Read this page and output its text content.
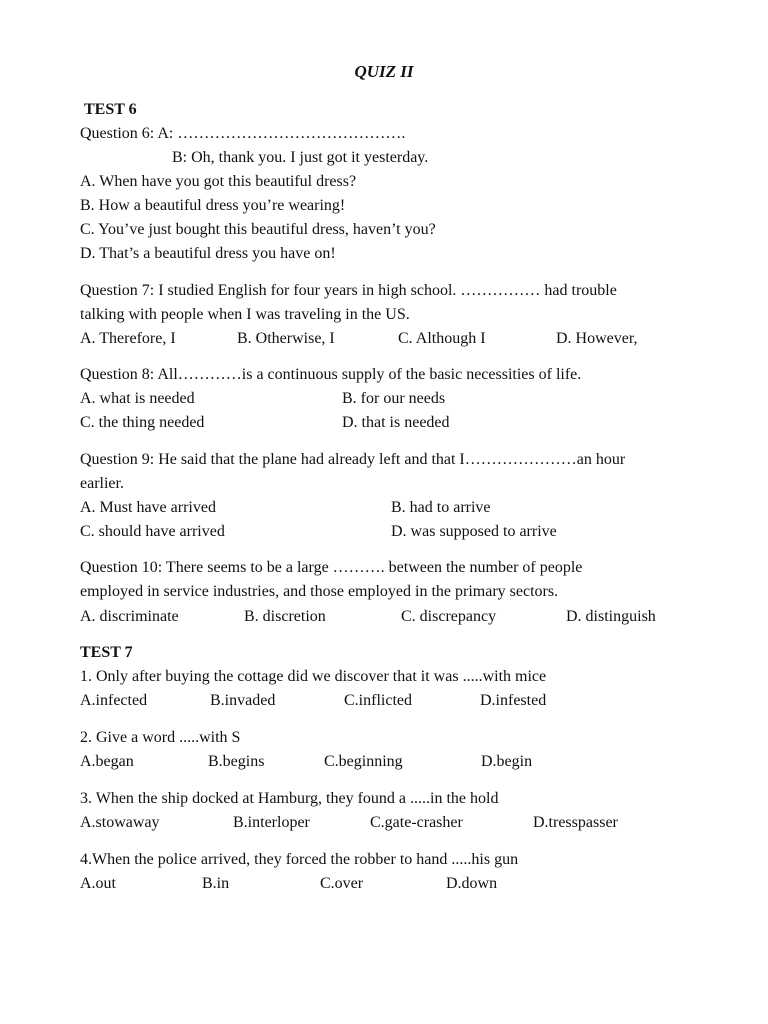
QUIZ II
TEST 6
Question 6: A: …………………………………….
B: Oh, thank you. I just got it yesterday.
A. When have you got this beautiful dress?
B. How a beautiful dress you’re wearing!
C. You’ve just bought this beautiful dress, haven’t you?
D. That’s a beautiful dress you have on!
Question 7: I studied English for four years in high school. …………… had trouble
talking with people when I was traveling in the US.
A. Therefore, I	B. Otherwise, I	C. Although I	D. However,
Question 8: All…………is a continuous supply of the basic necessities of life.
A. what is needed	B. for our needs
C. the thing needed	D. that is needed
Question 9: He said that the plane had already left and that I…………………an hour
earlier.
A. Must have arrived	B. had to arrive
C. should have arrived	D. was supposed to arrive
Question 10: There seems to be a large ………. between the number of people
employed in service industries, and those employed in the primary sectors.
A. discriminate	B. discretion	C. discrepancy	D. distinguish
TEST 7
1. Only after buying the cottage did we discover that it was .....with mice
A.infected	B.invaded	C.inflicted	D.infested
2. Give a word .....with S
A.began	B.begins	C.beginning	D.begin
3. When the ship docked at Hamburg, they found a .....in the hold
A.stowaway	B.interloper	C.gate-crasher	D.tresspasser
4.When the police arrived, they forced the robber to hand .....his gun
A.out	B.in	C.over	D.down
